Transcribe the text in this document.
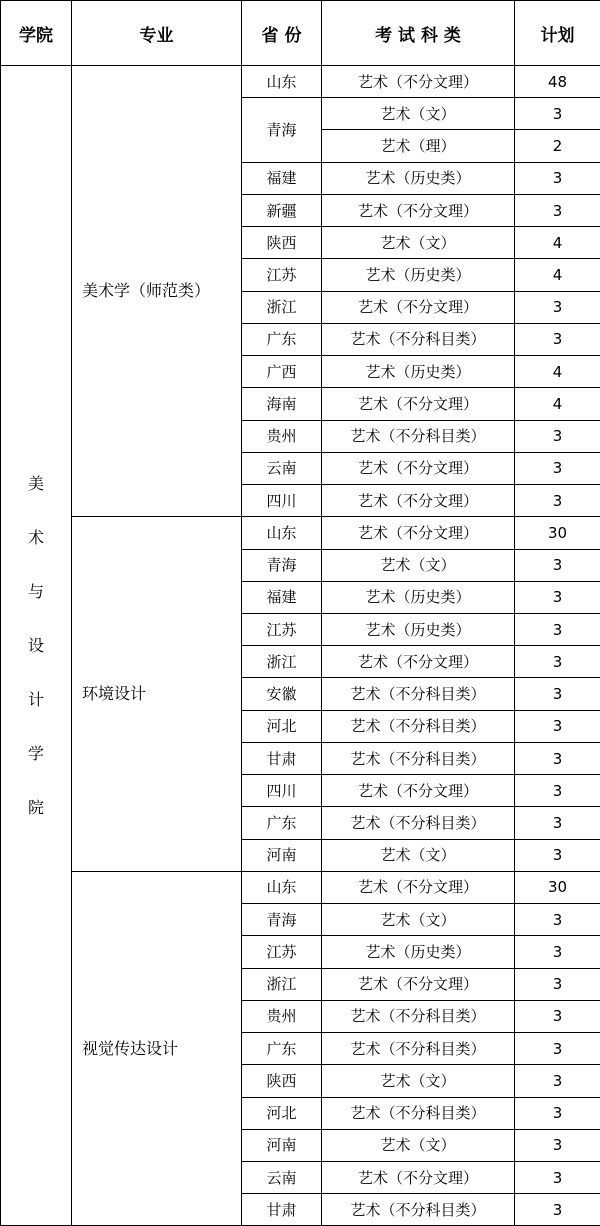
学院	专业	省 份	考 试 科 类	计划
美术与设计学院	美术学（师范类）	山东	艺术（不分文理）	48
		青海	艺术（文）	3
			艺术（理）	2
		福建	艺术（历史类）	3
		新疆	艺术（不分文理）	3
		陕西	艺术（文）	4
		江苏	艺术（历史类）	4
		浙江	艺术（不分文理）	3
		广东	艺术（不分科目类）	3
		广西	艺术（历史类）	4
		海南	艺术（不分文理）	4
		贵州	艺术（不分科目类）	3
		云南	艺术（不分文理）	3
		四川	艺术（不分文理）	3
	环境设计	山东	艺术（不分文理）	30
		青海	艺术（文）	3
		福建	艺术（历史类）	3
		江苏	艺术（历史类）	3
		浙江	艺术（不分文理）	3
		安徽	艺术（不分科目类）	3
		河北	艺术（不分科目类）	3
		甘肃	艺术（不分科目类）	3
		四川	艺术（不分文理）	3
		广东	艺术（不分科目类）	3
		河南	艺术（文）	3
	视觉传达设计	山东	艺术（不分文理）	30
		青海	艺术（文）	3
		江苏	艺术（历史类）	3
		浙江	艺术（不分文理）	3
		贵州	艺术（不分科目类）	3
		广东	艺术（不分科目类）	3
		陕西	艺术（文）	3
		河北	艺术（不分科目类）	3
		河南	艺术（文）	3
		云南	艺术（不分文理）	3
		甘肃	艺术（不分科目类）	3
